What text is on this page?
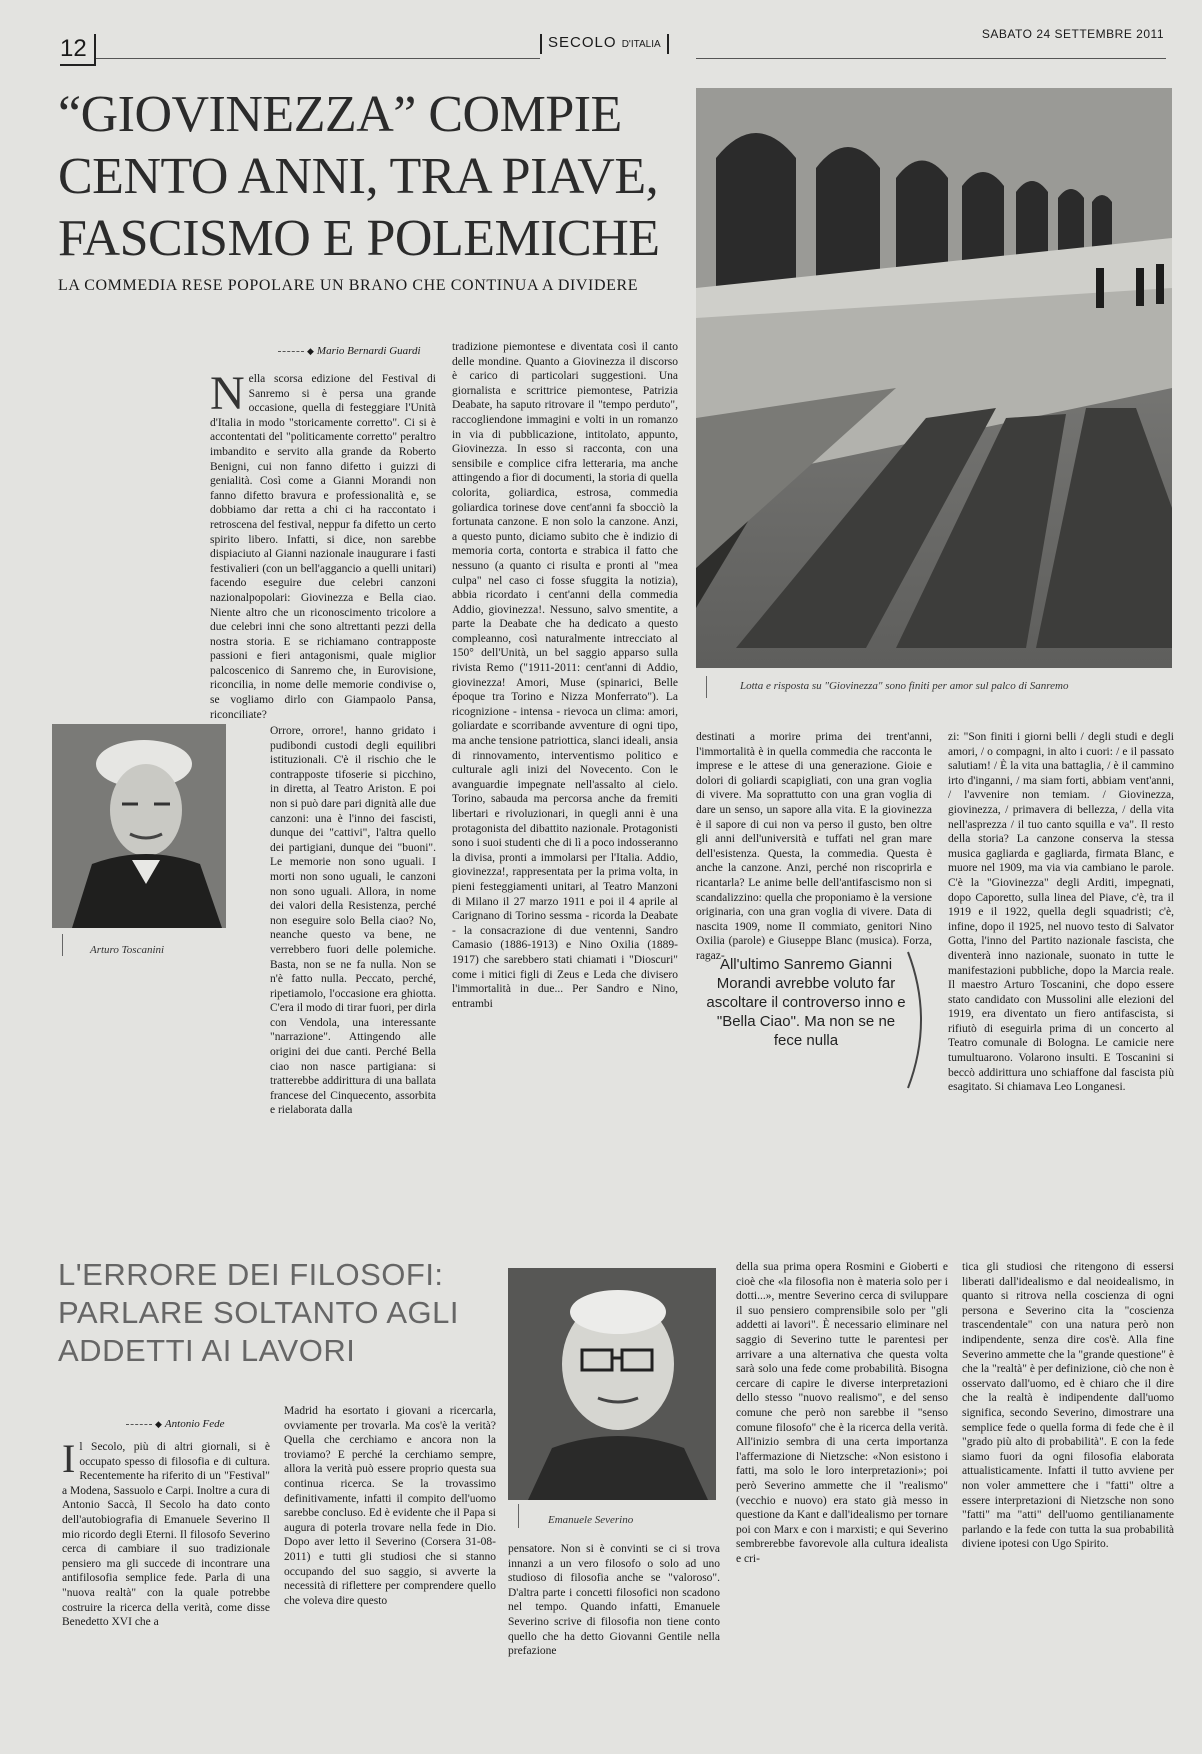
12	SECOLO D'ITALIA
SABATO 24 SETTEMBRE 2011
“GIOVINEZZA” COMPIE CENTO ANNI, TRA PIAVE, FASCISMO E POLEMICHE
LA COMMEDIA RESE POPOLARE UN BRANO CHE CONTINUA A DIVIDERE
◆ Mario Bernardi Guardi
N ella scorsa edizione del Festival di Sanremo si è persa una grande occasione, quella di festeggiare l'Unità d'Italia in modo "storicamente corretto". Ci si è accontentati del "politicamente corretto" peraltro imbandito e servito alla grande da Roberto Benigni, cui non fanno difetto i guizzi di genialità. Così come a Gianni Morandi non fanno difetto bravura e professionalità e, se dobbiamo dar retta a chi ci ha raccontato i retroscena del festival, neppur fa difetto un certo spirito libero. Infatti, si dice, non sarebbe dispiaciuto al Gianni nazionale inaugurare i fasti festivalieri (con un bell'aggancio a quelli unitari) facendo eseguire due celebri canzoni nazionalpopolari: Giovinezza e Bella ciao. Niente altro che un riconoscimento tricolore a due celebri inni che sono altrettanti pezzi della nostra storia. E se richiamano contrapposte passioni e fieri antagonismi, quale miglior palcoscenico di Sanremo che, in Eurovisione, riconcilia, in nome delle memorie condivise o, se vogliamo dirlo con Giampaolo Pansa, riconciliate?
Orrore, orrore!, hanno gridato i pudibondi custodi degli equilibri istituzionali. C'è il rischio che le contrapposte tifoserie si picchino, in diretta, al Teatro Ariston. E poi non si può dare pari dignità alle due canzoni: una è l'inno dei fascisti, dunque dei "cattivi", l'altra quello dei partigiani, dunque dei "buoni". Le memorie non sono uguali. I morti non sono uguali, le canzoni non sono uguali. Allora, in nome dei valori della Resistenza, perché non eseguire solo Bella ciao? No, neanche questo va bene, ne verrebbero fuori delle polemiche. Basta, non se ne fa nulla. Non se n'è fatto nulla. Peccato, perché, ripetiamolo, l'occasione era ghiotta. C'era il modo di tirar fuori, per dirla con Vendola, una interessante "narrazione". Attingendo alle origini dei due canti. Perché Bella ciao non nasce partigiana: si tratterebbe addirittura di una ballata francese del Cinquecento, assorbita e rielaborata dalla
tradizione piemontese e diventata così il canto delle mondine. Quanto a Giovinezza il discorso è carico di particolari suggestioni. Una giornalista e scrittrice piemontese, Patrizia Deabate, ha saputo ritrovare il "tempo perduto", raccogliendone immagini e volti in un romanzo in via di pubblicazione, intitolato, appunto, Giovinezza. In esso si racconta, con una sensibile e complice cifra letteraria, ma anche attingendo a fior di documenti, la storia di quella colorita, goliardica, estrosa, commedia goliardica torinese dove cent'anni fa sbocciò la fortunata canzone. E non solo la canzone. Anzi, a questo punto, diciamo subito che è indizio di memoria corta, contorta e strabica il fatto che nessuno (a quanto ci risulta e pronti al "mea culpa" nel caso ci fosse sfuggita la notizia), abbia ricordato i cent'anni della commedia Addio, giovinezza!. Nessuno, salvo smentite, a parte la Deabate che ha dedicato a questo compleanno, così naturalmente intrecciato al 150° dell'Unità, un bel saggio apparso sulla rivista Remo ("1911-2011: cent'anni di Addio, giovinezza! Amori, Muse (spinarici, Belle époque tra Torino e Nizza Monferrato"). La ricognizione - intensa - rievoca un clima: amori, goliardate e scorribande avventure di ogni tipo, ma anche tensione patriottica, slanci ideali, ansia di rinnovamento, interventismo politico e culturale agli inizi del Novecento. Con le avanguardie impegnate nell'assalto al cielo. Torino, sabauda ma percorsa anche da fremiti libertari e rivoluzionari, in quegli anni è una protagonista del dibattito nazionale. Protagonisti sono i suoi studenti che di lì a poco indosseranno la divisa, pronti a immolarsi per l'Italia. Addio, giovinezza!, rappresentata per la prima volta, in pieni festeggiamenti unitari, al Teatro Manzoni di Milano il 27 marzo 1911 e poi il 4 aprile al Carignano di Torino sessma - ricorda la Deabate - la consacrazione di due ventenni, Sandro Camasio (1886-1913) e Nino Oxilia (1889-1917) che sarebbero stati chiamati i "Dioscuri" come i mitici figli di Zeus e Leda che divisero l'immortalità in due... Per Sandro e Nino, entrambi
destinati a morire prima dei trent'anni, l'immortalità è in quella commedia che racconta le imprese e le attese di una generazione. Gioie e dolori di goliardi scapigliati, con una gran voglia di vivere. Ma soprattutto con una gran voglia di dare un senso, un sapore alla vita. E la giovinezza è il sapore di cui non va perso il gusto, ben oltre gli anni dell'università e tuffati nel gran mare dell'esistenza. Questa, la commedia. Questa è anche la canzone. Anzi, perché non riscoprirla e ricantarla? Le anime belle dell'antifascismo non si scandalizzino: quella che proponiamo è la versione originaria, con una gran voglia di vivere. Data di nascita 1909, nome Il commiato, genitori Nino Oxilia (parole) e Giuseppe Blanc (musica). Forza, ragaz-
zi: "Son finiti i giorni belli / degli studi e degli amori, / o compagni, in alto i cuori: / e il passato salutiam! / È la vita una battaglia, / è il cammino irto d'inganni, / ma siam forti, abbiam vent'anni, / l'avvenire non temiam. / Giovinezza, giovinezza, / primavera di bellezza, / della vita nell'asprezza / il tuo canto squilla e va". Il resto della storia? La canzone conserva la stessa musica gagliarda e gagliarda, firmata Blanc, e muore nel 1909, ma via via cambiano le parole. C'è la "Giovinezza" degli Arditi, impegnati, dopo Caporetto, sulla linea del Piave, c'è, tra il 1919 e il 1922, quella degli squadristi; c'è, infine, dopo il 1925, nel nuovo testo di Salvator Gotta, l'inno del Partito nazionale fascista, che diventerà inno nazionale, suonato in tutte le manifestazioni pubbliche, dopo la Marcia reale. Il maestro Arturo Toscanini, che dopo essere stato candidato con Mussolini alle elezioni del 1919, era diventato un fiero antifascista, si rifiutò di eseguirla prima di un concerto al Teatro comunale di Bologna. Le camicie nere tumultuarono. Volarono insulti. E Toscanini si beccò addirittura uno schiaffone dal fascista più esagitato. Si chiamava Leo Longanesi.
Lotta e risposta su "Giovinezza" sono finiti per amor sul palco di Sanremo
Arturo Toscanini
All'ultimo Sanremo Gianni Morandi avrebbe voluto far ascoltare il controverso inno e "Bella Ciao". Ma non se ne fece nulla
L'ERRORE DEI FILOSOFI: PARLARE SOLTANTO AGLI ADDETTI AI LAVORI
◆ Antonio Fede
I l Secolo, più di altri giornali, si è occupato spesso di filosofia e di cultura. Recentemente ha riferito di un "Festival" a Modena, Sassuolo e Carpi. Inoltre a cura di Antonio Saccà, Il Secolo ha dato conto dell'autobiografia di Emanuele Severino Il mio ricordo degli Eterni. Il filosofo Severino cerca di cambiare il suo tradizionale pensiero ma gli succede di incontrare una antifilosofia semplice fede. Parla di una "nuova realtà" con la quale potrebbe costruire la ricerca della verità, come disse Benedetto XVI che a
Madrid ha esortato i giovani a ricercarla, ovviamente per trovarla. Ma cos'è la verità? Quella che cerchiamo e ancora non la troviamo? E perché la cerchiamo sempre, allora la verità può essere proprio questa sua continua ricerca. Se la trovassimo definitivamente, infatti il compito dell'uomo sarebbe concluso. Ed è evidente che il Papa si augura di poterla trovare nella fede in Dio. Dopo aver letto il Severino (Corsera 31-08-2011) e tutti gli studiosi che si stanno occupando del suo saggio, si avverte la necessità di riflettere per comprendere quello che voleva dire questo
pensatore. Non si è convinti se ci si trova innanzi a un vero filosofo o solo ad uno studioso di filosofia anche se "valoroso". D'altra parte i concetti filosofici non scadono nel tempo. Quando infatti, Emanuele Severino scrive di filosofia non tiene conto quello che ha detto Giovanni Gentile nella prefazione
della sua prima opera Rosmini e Gioberti e cioè che «la filosofia non è materia solo per i dotti...», mentre Severino cerca di sviluppare il suo pensiero comprensibile solo per "gli addetti ai lavori". È necessario eliminare nel saggio di Severino tutte le parentesi per arrivare a una alternativa che questa volta sarà solo una fede come probabilità. Bisogna cercare di capire le diverse interpretazioni dello stesso "nuovo realismo", e del senso comune che però non sarebbe il "senso comune filosofo" che è la ricerca della verità. All'inizio sembra di una certa importanza l'affermazione di Nietzsche: «Non esistono i fatti, ma solo le loro interpretazioni»; poi però Severino ammette che il "realismo" (vecchio e nuovo) era stato già messo in questione da Kant e dall'idealismo per tornare poi con Marx e con i marxisti; e qui Severino sembrerebbe favorevole alla cultura idealista e cri-
tica gli studiosi che ritengono di essersi liberati dall'idealismo e dal neoidealismo, in quanto si ritrova nella coscienza di ogni persona e Severino cita la "coscienza trascendentale" con una natura però non indipendente, senza dire cos'è. Alla fine Severino ammette che la "grande questione" è che la "realtà" è per definizione, ciò che non è osservato dall'uomo, ed è chiaro che il dire che la realtà è indipendente dall'uomo significa, secondo Severino, dimostrare una semplice fede o quella forma di fede che è il "grado più alto di probabilità". E con la fede siamo fuori da ogni filosofia elaborata attualisticamente. Infatti il tutto avviene per non voler ammettere che i "fatti" oltre a essere interpretazioni di Nietzsche non sono "fatti" ma "atti" dell'uomo gentilianamente parlando e la fede con tutta la sua probabilità diviene ipotesi con Ugo Spirito.
Emanuele Severino
